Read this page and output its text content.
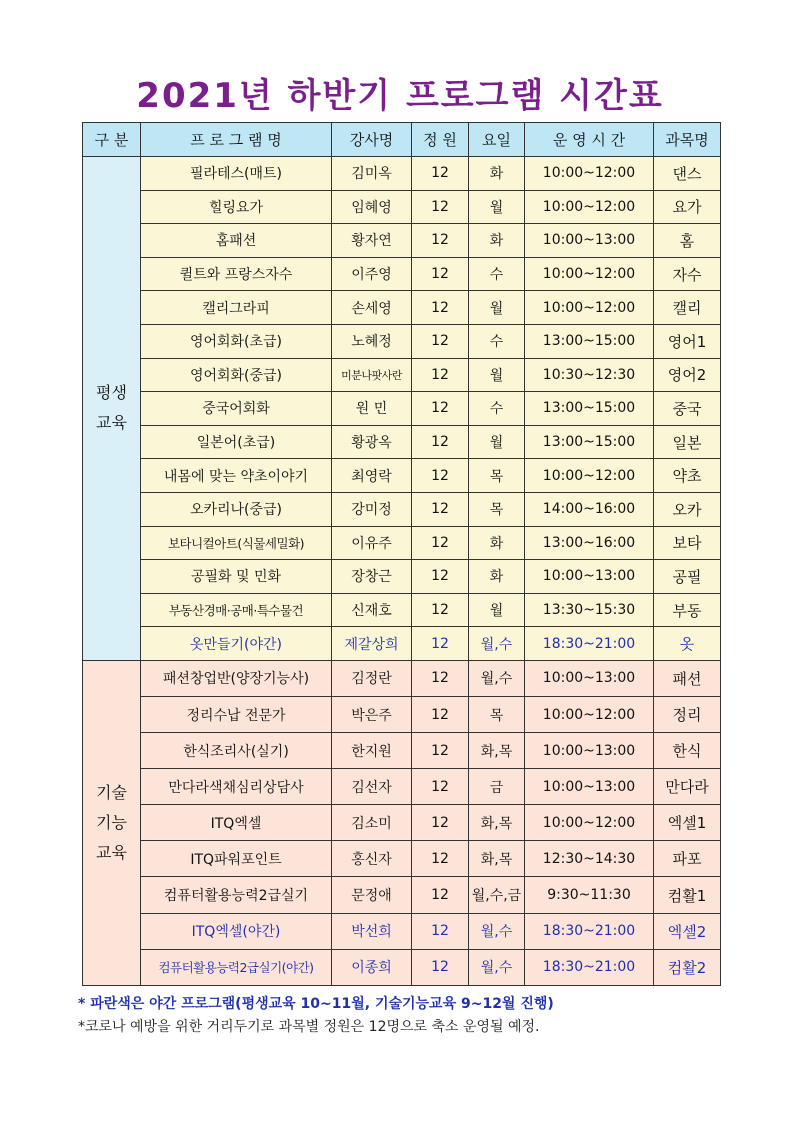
2021년 하반기 프로그램 시간표
구 분	프 로 그 램 명	강사명	정 원	요일	운 영 시 간	과목명
평생
교육	필라테스(매트)	김미옥	12	화	10:00~12:00	댄스
	힐링요가	임혜영	12	월	10:00~12:00	요가
	홈패션	황자연	12	화	10:00~13:00	홈
	퀼트와 프랑스자수	이주영	12	수	10:00~12:00	자수
	캘리그라피	손세영	12	월	10:00~12:00	캘리
	영어회화(초급)	노혜정	12	수	13:00~15:00	영어1
	영어회화(중급)	미분나팟사란	12	월	10:30~12:30	영어2
	중국어회화	원 민	12	수	13:00~15:00	중국
	일본어(초급)	황광옥	12	월	13:00~15:00	일본
	내몸에 맞는 약초이야기	최영락	12	목	10:00~12:00	약초
	오카리나(중급)	강미정	12	목	14:00~16:00	오카
	보타니컬아트(식물세밀화)	이유주	12	화	13:00~16:00	보타
	공필화 및 민화	장창근	12	화	10:00~13:00	공필
	부동산경매·공매·특수물건	신재호	12	월	13:30~15:30	부동
	옷만들기(야간)	제갈상희	12	월,수	18:30~21:00	옷
기술
기능
교육	패션창업반(양장기능사)	김정란	12	월,수	10:00~13:00	패션
	정리수납 전문가	박은주	12	목	10:00~12:00	정리
	한식조리사(실기)	한지원	12	화,목	10:00~13:00	한식
	만다라색채심리상담사	김선자	12	금	10:00~13:00	만다라
	ITQ엑셀	김소미	12	화,목	10:00~12:00	엑셀1
	ITQ파워포인트	홍신자	12	화,목	12:30~14:30	파포
	컴퓨터활용능력2급실기	문정애	12	월,수,금	9:30~11:30	컴활1
	ITQ엑셀(야간)	박선희	12	월,수	18:30~21:00	엑셀2
	컴퓨터활용능력2급실기(야간)	이종희	12	월,수	18:30~21:00	컴활2
* 파란색은 야간 프로그램(평생교육 10~11월, 기술기능교육 9~12월 진행)
*코로나 예방을 위한 거리두기로 과목별 정원은 12명으로 축소 운영될 예정.
